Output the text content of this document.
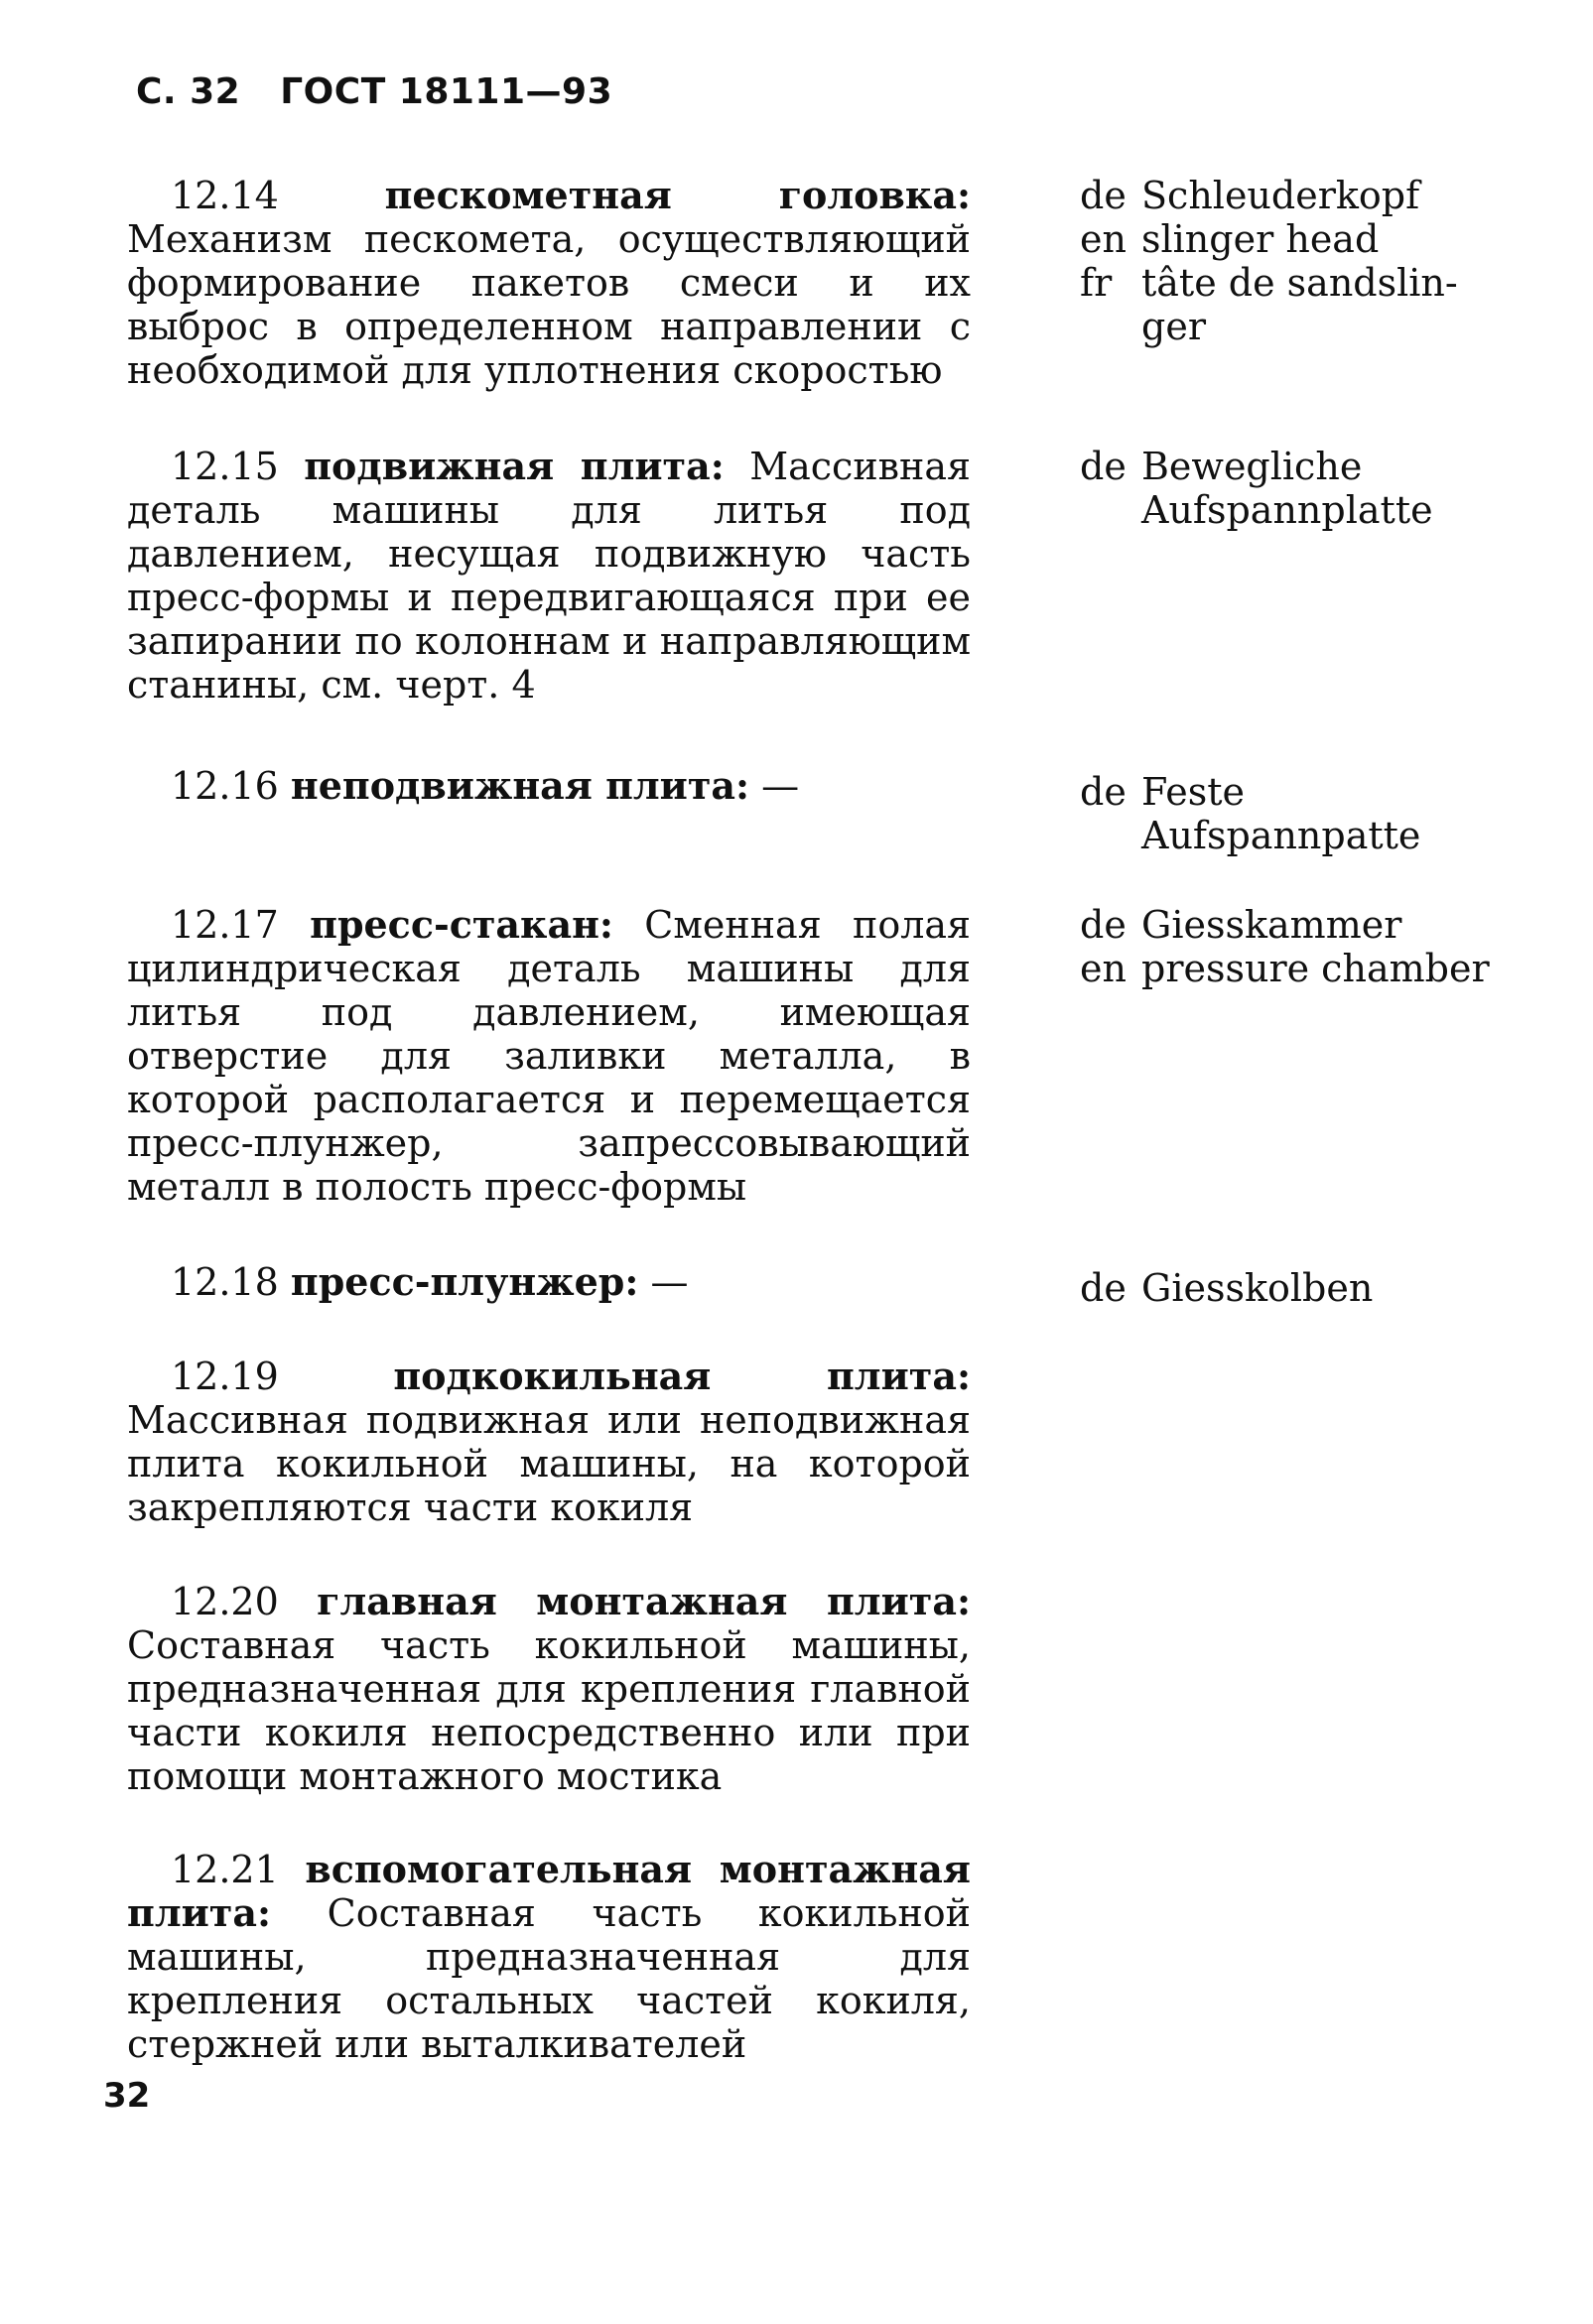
С. 32 ГОСТ 18111—93
12.14	пескометная головка: Механизм пескомета, осуществляющий формирование пакетов смеси и их выброс в определенном направлении с необходимой для уплотнения скоростью
de Schleuderkopf
en slinger head
fr tâte de sandslin-
ger
12.15 подвижная плита: Массивная деталь машины для литья под давлением, несущая подвижную часть пресс-формы и передвигающаяся при ее запирании по колоннам и направляющим станины, см. черт. 4
de Bewegliche
Aufspannplatte
12.16 неподвижная плита: —	de Feste
Aufspannpatte
12.17 пресс-стакан: Сменная полая цилиндрическая деталь машины для литья под давлением, имеющая отверстие для заливки металла, в которой располагается и перемещается пресс-плунжер, запрессовывающий металл в полость пресс-формы
de Giesskammer
en pressure chamber
12.18 пресс-плунжер: —	de Giesskolben
12.19	подкокильная плита: Массивная подвижная или неподвижная плита кокильной машины, на которой закрепляются части кокиля
12.20 главная монтажная плита: Составная часть кокильной машины, предназначенная для крепления главной части кокиля непосредственно или при помощи монтажного мостика
12.21 вспомогательная монтажная плита: Составная часть кокильной машины, предназначенная для крепления остальных частей кокиля, стержней или выталкивателей
32
